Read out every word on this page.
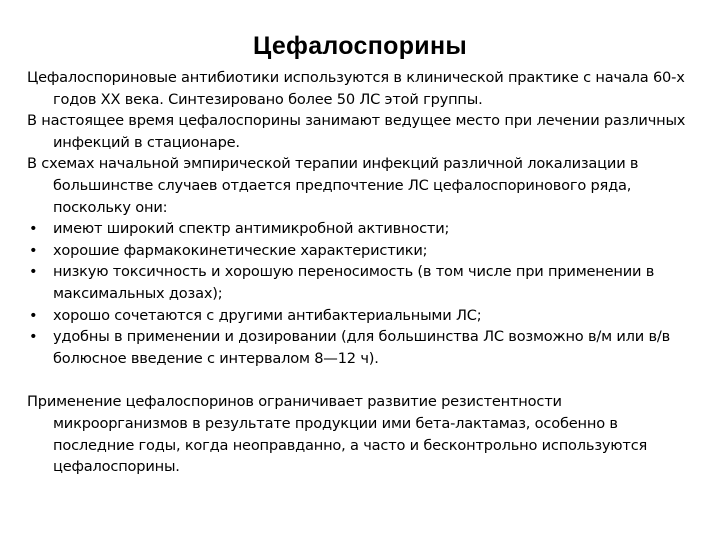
Цефалоспорины

Цефалоспориновые антибиотики используются в клинической практике с начала 60-х годов XX века. Синтезировано более 50 ЛС этой группы.

В настоящее время цефалоспорины занимают ведущее место при лечении различных инфекций в стационаре.

В схемах начальной эмпирической терапии инфекций различной локализации в большинстве случаев отдается предпочтение ЛС цефалоспоринового ряда, поскольку они:

•	имеют широкий спектр антимикробной активности;
•	хорошие фармакокинетические характеристики;
•	низкую токсичность и хорошую переносимость (в том числе при применении в максимальных дозах);
•	хорошо сочетаются с другими антибактериальными ЛС;
•	удобны в применении и дозировании (для большинства ЛС возможно в/м или в/в болюсное введение с интервалом 8—12 ч).

Применение цефалоспоринов ограничивает развитие резистентности микроорганизмов в результате продукции ими бета-лактамаз, особенно в последние годы, когда неоправданно, а часто и бесконтрольно используются цефалоспорины.
